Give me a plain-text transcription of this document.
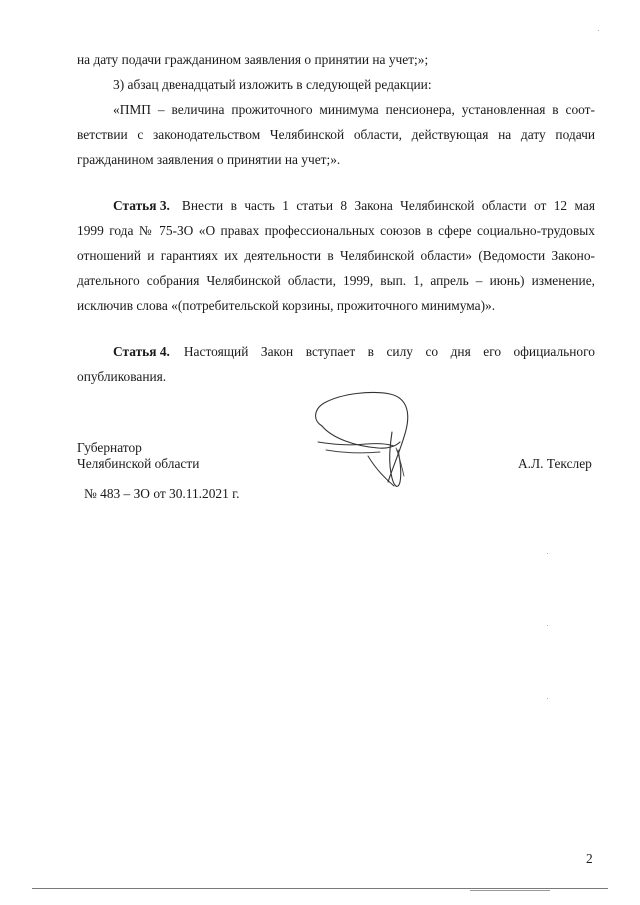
на дату подачи гражданином заявления о принятии на учет;»;
3) абзац двенадцатый изложить в следующей редакции:
«ПМП – величина прожиточного минимума пенсионера, установленная в соот-
ветствии с законодательством Челябинской области, действующая на дату подачи
гражданином заявления о принятии на учет;».
Статья 3. Внести в часть 1 статьи 8 Закона Челябинской области от 12 мая
1999 года № 75-ЗО «О правах профессиональных союзов в сфере социально-трудовых
отношений и гарантиях их деятельности в Челябинской области» (Ведомости Законо-
дательного собрания Челябинской области, 1999, вып. 1, апрель – июнь) изменение,
исключив слова «(потребительской корзины, прожиточного минимума)».
Статья 4. Настоящий Закон вступает в силу со дня его официального
опубликования.
Губернатор
Челябинской области	А.Л. Текслер
№ 483 – ЗО от 30.11.2021 г.
2
